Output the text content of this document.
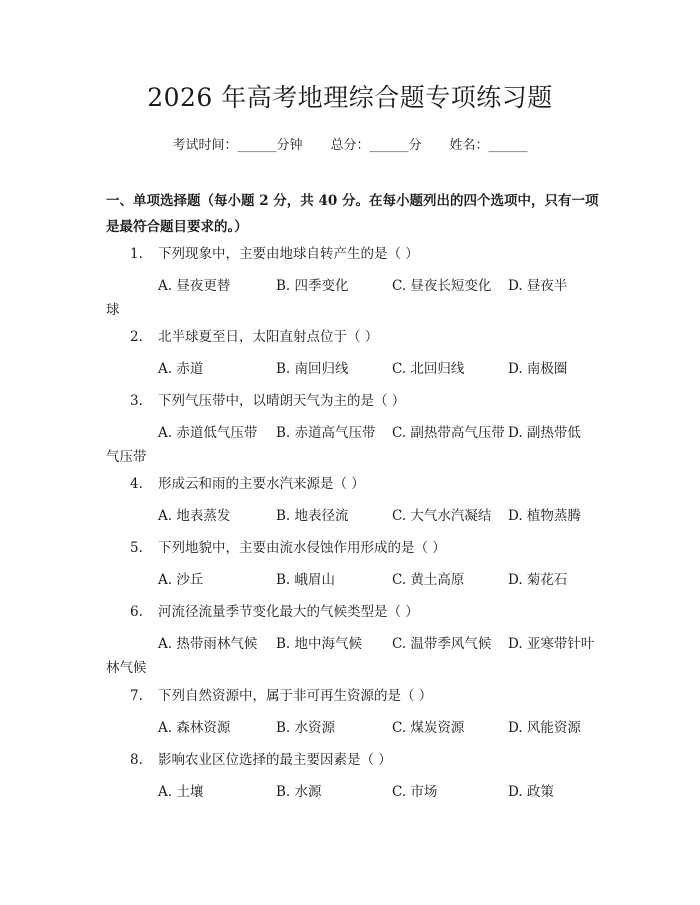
2026 年高考地理综合题专项练习题
考试时间：______分钟 总分：______分 姓名：______
一、单项选择题（每小题 2 分，共 40 分。在每小题列出的四个选项中，只有一项是最符合题目要求的。）
1. 下列现象中，主要由地球自转产生的是（ ）
A. 昼夜更替	B. 四季变化	C. 昼夜长短变化 D. 昼夜半
球
2. 北半球夏至日，太阳直射点位于（ ）
A. 赤道	B. 南回归线	C. 北回归线	D. 南极圈
3. 下列气压带中，以晴朗天气为主的是（ ）
A. 赤道低气压带 B. 赤道高气压带 C. 副热带高气压带 D. 副热带低
气压带
4. 形成云和雨的主要水汽来源是（ ）
A. 地表蒸发	B. 地表径流	C. 大气水汽凝结 D. 植物蒸腾
5. 下列地貌中，主要由流水侵蚀作用形成的是（ ）
A. 沙丘	B. 峨眉山	C. 黄土高原	D. 菊花石
6. 河流径流量季节变化最大的气候类型是（ ）
A. 热带雨林气候 B. 地中海气候 C. 温带季风气候 D. 亚寒带针叶
林气候
7. 下列自然资源中，属于非可再生资源的是（ ）
A. 森林资源	B. 水资源	C. 煤炭资源	D. 风能资源
8. 影响农业区位选择的最主要因素是（ ）
A. 土壤	B. 水源	C. 市场	D. 政策
